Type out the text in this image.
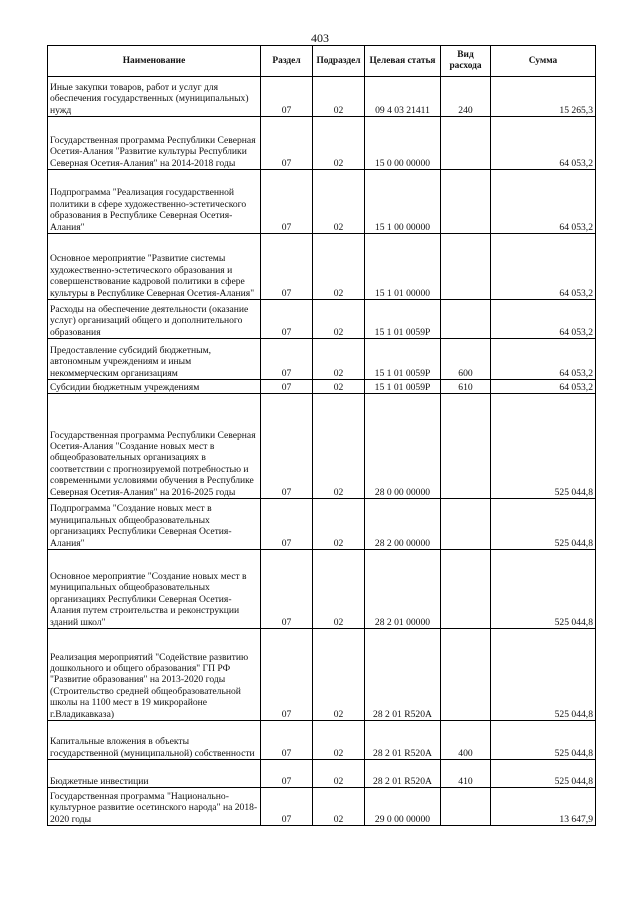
403
Наименование	Раздел	Подраздел	Целевая статья	Вид расхода	Сумма
Иные закупки товаров, работ и услуг для обеспечения государственных (муниципальных) нужд	07	02	09 4 03 21411	240	15 265,3
Государственная программа Республики Северная Осетия-Алания "Развитие культуры Республики Северная Осетия-Алания" на 2014-2018 годы	07	02	15 0 00 00000		64 053,2
Подпрограмма "Реализация государственной политики в сфере художественно-эстетического образования в Республике Северная Осетия-Алания"	07	02	15 1 00 00000		64 053,2
Основное мероприятие "Развитие системы художественно-эстетического образования и совершенствование кадровой политики в сфере культуры в Республике Северная Осетия-Алания"	07	02	15 1 01 00000		64 053,2
Расходы на обеспечение деятельности (оказание услуг) организаций общего и дополнительного образования	07	02	15 1 01 0059Р		64 053,2
Предоставление субсидий бюджетным, автономным учреждениям и иным некоммерческим организациям	07	02	15 1 01 0059Р	600	64 053,2
Субсидии бюджетным учреждениям	07	02	15 1 01 0059Р	610	64 053,2
Государственная программа Республики Северная Осетия-Алания "Создание новых мест в общеобразовательных организациях в соответствии с прогнозируемой потребностью и современными условиями обучения в Республике Северная Осетия-Алания" на 2016-2025 годы	07	02	28 0 00 00000		525 044,8
Подпрограмма "Создание новых мест в муниципальных общеобразовательных организациях Республики Северная Осетия-Алания"	07	02	28 2 00 00000		525 044,8
Основное мероприятие "Создание новых мест в муниципальных общеобразовательных организациях Республики Северная Осетия-Алания путем строительства и реконструкции зданий школ"	07	02	28 2 01 00000		525 044,8
Реализация мероприятий "Содействие развитию дошкольного и общего образования" ГП РФ "Развитие образования" на 2013-2020 годы (Строительство средней общеобразовательной школы на 1100 мест в 19 микрорайоне г.Владикавказа)	07	02	28 2 01 R520A		525 044,8
Капитальные вложения в объекты государственной (муниципальной) собственности	07	02	28 2 01 R520A	400	525 044,8
Бюджетные инвестиции	07	02	28 2 01 R520A	410	525 044,8
Государственная программа "Национально-культурное развитие осетинского народа" на 2018-2020 годы	07	02	29 0 00 00000		13 647,9
